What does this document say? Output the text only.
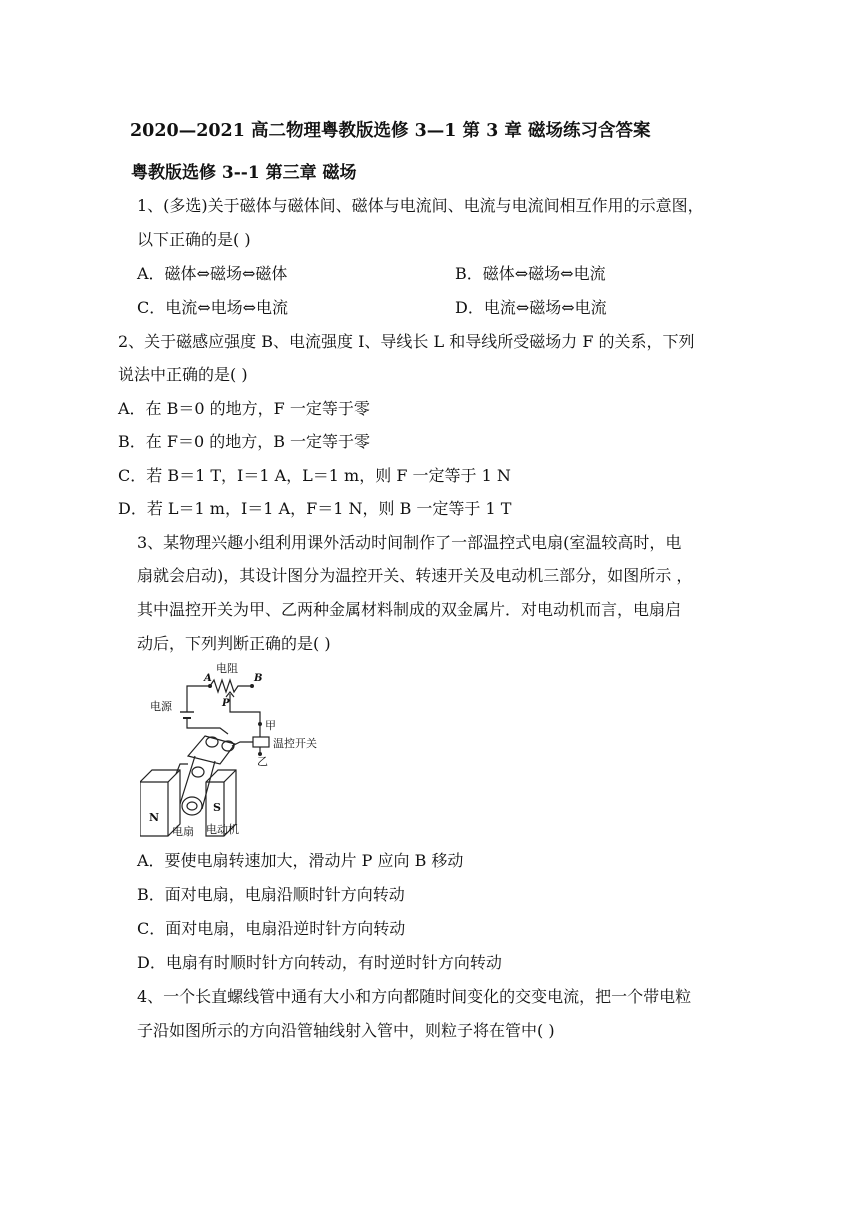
2020—2021 高二物理粤教版选修 3—1 第 3 章 磁场练习含答案
粤教版选修 3--1 第三章 磁场
1、(多选)关于磁体与磁体间、磁体与电流间、电流与电流间相互作用的示意图，
以下正确的是( )
A．磁体⇔磁场⇔磁体	B．磁体⇔磁场⇔电流
C．电流⇔电场⇔电流	D．电流⇔磁场⇔电流
2、关于磁感应强度 B、电流强度 I、导线长 L 和导线所受磁场力 F 的关系，下列
说法中正确的是( )
A．在 B＝0 的地方，F 一定等于零
B．在 F＝0 的地方，B 一定等于零
C．若 B＝1 T，I＝1 A，L＝1 m，则 F 一定等于 1 N
D．若 L＝1 m，I＝1 A，F＝1 N，则 B 一定等于 1 T
3、某物理兴趣小组利用课外活动时间制作了一部温控式电扇(室温较高时，电
扇就会启动)，其设计图分为温控开关、转速开关及电动机三部分，如图所示 ，
其中温控开关为甲、乙两种金属材料制成的双金属片．对电动机而言，电扇启
动后，下列判断正确的是( )
电阻
A	B
P
电源
甲
温控开关
乙
N
S
电扇 电动机
A．要使电扇转速加大，滑动片 P 应向 B 移动
B．面对电扇，电扇沿顺时针方向转动
C．面对电扇，电扇沿逆时针方向转动
D．电扇有时顺时针方向转动，有时逆时针方向转动
4、一个长直螺线管中通有大小和方向都随时间变化的交变电流，把一个带电粒
子沿如图所示的方向沿管轴线射入管中，则粒子将在管中( )
